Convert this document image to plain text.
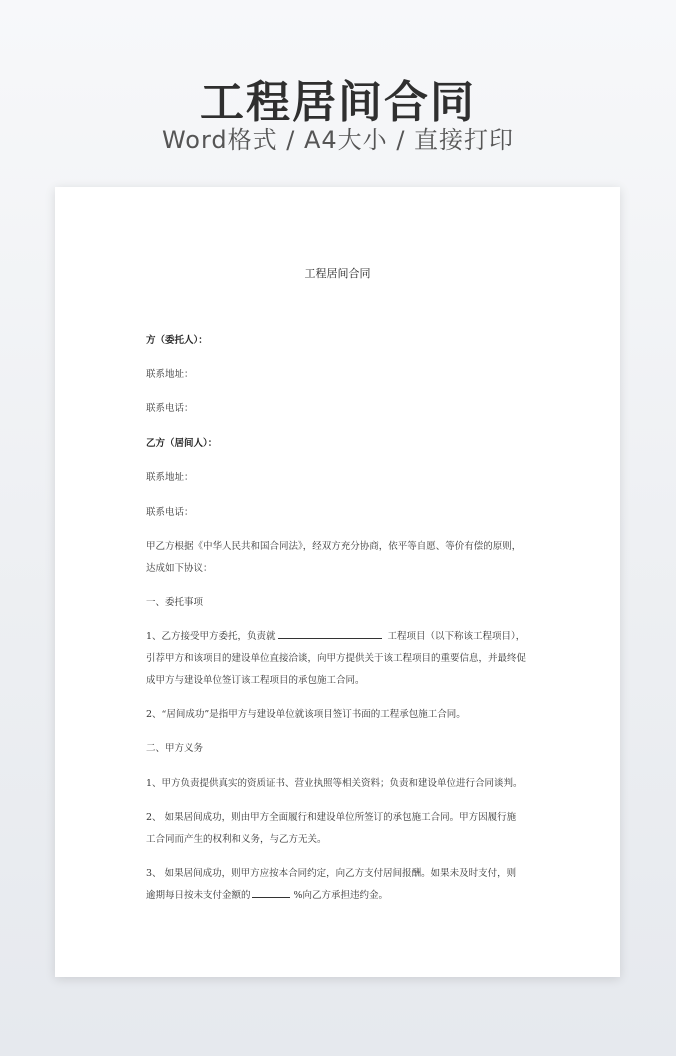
工程居间合同
Word格式 / A4大小 / 直接打印
工程居间合同
方（委托人）：
联系地址：
联系电话：
乙方（居间人）：
联系地址：
联系电话：
甲乙方根据《中华人民共和国合同法》，经双方充分协商，依平等自愿、等价有偿的原则，
达成如下协议：
一、委托事项
1、乙方接受甲方委托，负责就	工程项目（以下称该工程项目），
引荐甲方和该项目的建设单位直接洽谈，向甲方提供关于该工程项目的重要信息，并最终促
成甲方与建设单位签订该工程项目的承包施工合同。
2、“居间成功”是指甲方与建设单位就该项目签订书面的工程承包施工合同。
二、甲方义务
1、甲方负责提供真实的资质证书、营业执照等相关资料；负责和建设单位进行合同谈判。
2、 如果居间成功，则由甲方全面履行和建设单位所签订的承包施工合同。甲方因履行施
工合同而产生的权利和义务，与乙方无关。
3、 如果居间成功，则甲方应按本合同约定，向乙方支付居间报酬。如果未及时支付，则
逾期每日按未支付金额的	%向乙方承担违约金。
